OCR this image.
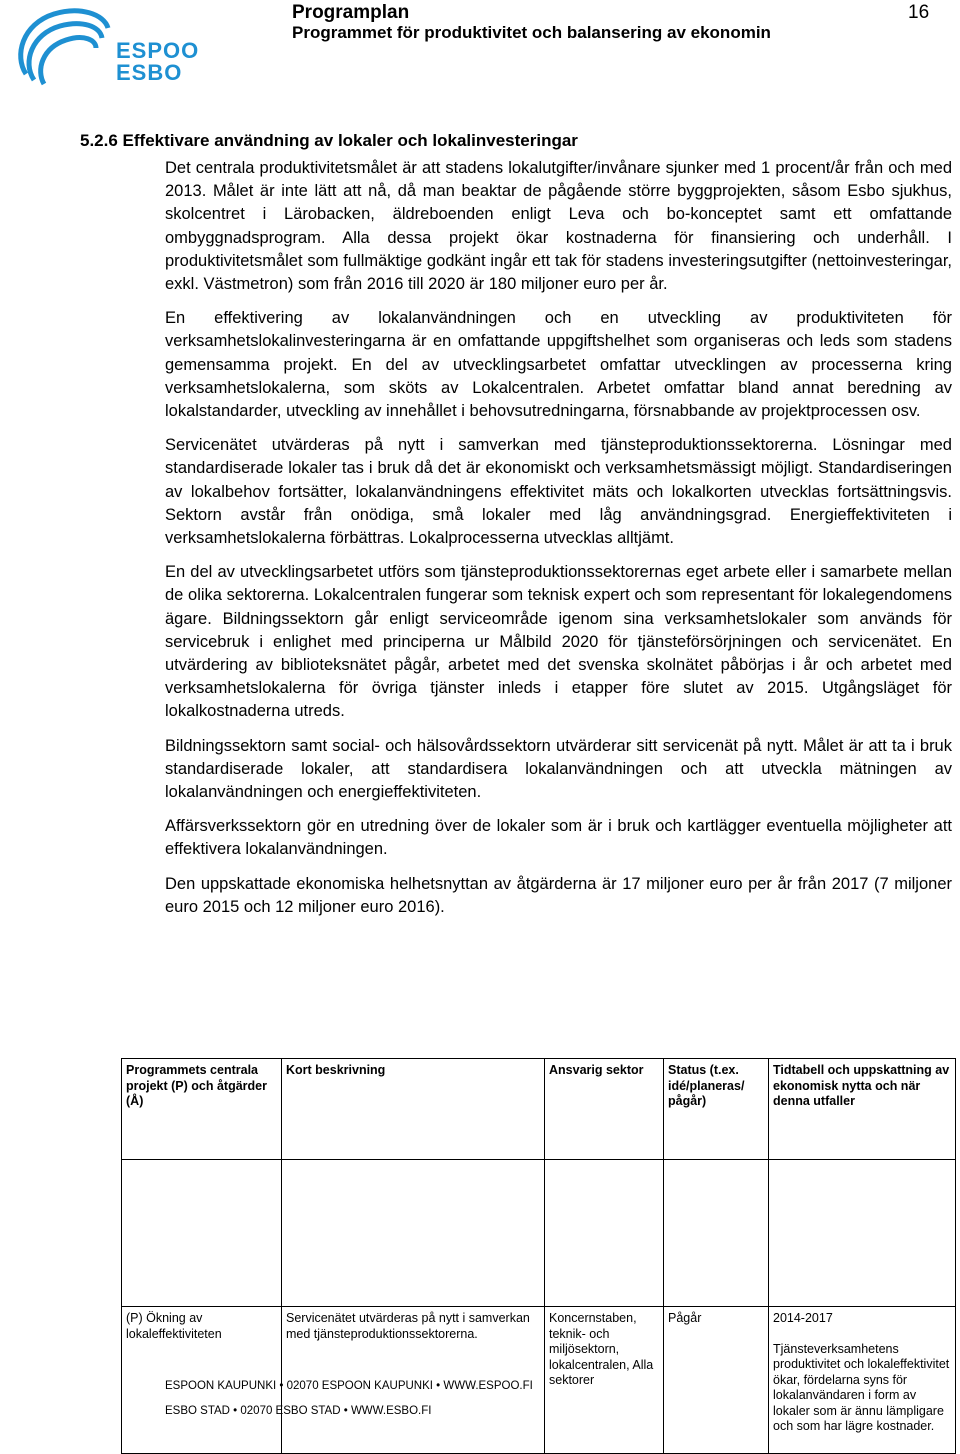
ESPOO
ESBO
Programplan
Programmet för produktivitet och balansering av ekonomin
16
5.2.6 Effektivare användning av lokaler och lokalinvesteringar

Det centrala produktivitetsmålet är att stadens lokalutgifter/invånare sjunker med 1 procent/år från och med 2013. Målet är inte lätt att nå, då man beaktar de pågående större byggprojekten, såsom Esbo sjukhus, skolcentret i Lärobacken, äldreboenden enligt Leva och bo-konceptet samt ett omfattande ombyggnadsprogram. Alla dessa projekt ökar kostnaderna för finansiering och underhåll. I produktivitetsmålet som fullmäktige godkänt ingår ett tak för stadens investeringsutgifter (nettoinvesteringar, exkl. Västmetron) som från 2016 till 2020 är 180 miljoner euro per år.

En effektivering av lokalanvändningen och en utveckling av produktiviteten för verksamhetslokalinvesteringarna är en omfattande uppgiftshelhet som organiseras och leds som stadens gemensamma projekt. En del av utvecklingsarbetet omfattar utvecklingen av processerna kring verksamhetslokalerna, som sköts av Lokalcentralen. Arbetet omfattar bland annat beredning av lokalstandarder, utveckling av innehållet i behovsutredningarna, försnabbande av projektprocessen osv.

Servicenätet utvärderas på nytt i samverkan med tjänsteproduktionssektorerna. Lösningar med standardiserade lokaler tas i bruk då det är ekonomiskt och verksamhetsmässigt möjligt. Standardiseringen av lokalbehov fortsätter, lokalanvändningens effektivitet mäts och lokalkorten utvecklas fortsättningsvis. Sektorn avstår från onödiga, små lokaler med låg användningsgrad. Energieffektiviteten i verksamhetslokalerna förbättras. Lokalprocesserna utvecklas alltjämt.

En del av utvecklingsarbetet utförs som tjänsteproduktionssektorernas eget arbete eller i samarbete mellan de olika sektorerna. Lokalcentralen fungerar som teknisk expert och som representant för lokalegendomens ägare. Bildningssektorn går enligt serviceområde igenom sina verksamhetslokaler som används för servicebruk i enlighet med principerna ur Målbild 2020 för tjänsteförsörjningen och servicenätet. En utvärdering av biblioteksnätet pågår, arbetet med det svenska skolnätet påbörjas i år och arbetet med verksamhetslokalerna för övriga tjänster inleds i etapper före slutet av 2015. Utgångsläget för lokalkostnaderna utreds.

Bildningssektorn samt social- och hälsovårdssektorn utvärderar sitt servicenät på nytt. Målet är att ta i bruk standardiserade lokaler, att standardisera lokalanvändningen och att utveckla mätningen av lokalanvändningen och energieffektiviteten.

Affärsverkssektorn gör en utredning över de lokaler som är i bruk och kartlägger eventuella möjligheter att effektivera lokalanvändningen.

Den uppskattade ekonomiska helhetsnyttan av åtgärderna är 17 miljoner euro per år från 2017 (7 miljoner euro 2015 och 12 miljoner euro 2016).

Programmets centrala projekt (P) och åtgärder (Å)	Kort beskrivning	Ansvarig sektor	Status (t.ex. idé/planeras/ pågår)	Tidtabell och uppskattning av ekonomisk nytta och när denna utfaller

(P) Ökning av lokaleffektiviteten	Servicenätet utvärderas på nytt i samverkan med tjänsteproduktionssektorerna.	Koncernstaben, teknik- och miljösektorn, lokalcentralen, Alla sektorer	Pågår	2014-2017
Tjänsteverksamhetens produktivitet och lokaleffektivitet ökar, fördelarna syns för lokalanvändaren i form av lokaler som är ännu lämpligare och som har lägre kostnader.
ESPOON KAUPUNKI • 02070 ESPOON KAUPUNKI • WWW.ESPOO.FI
ESBO STAD • 02070 ESBO STAD • WWW.ESBO.FI
